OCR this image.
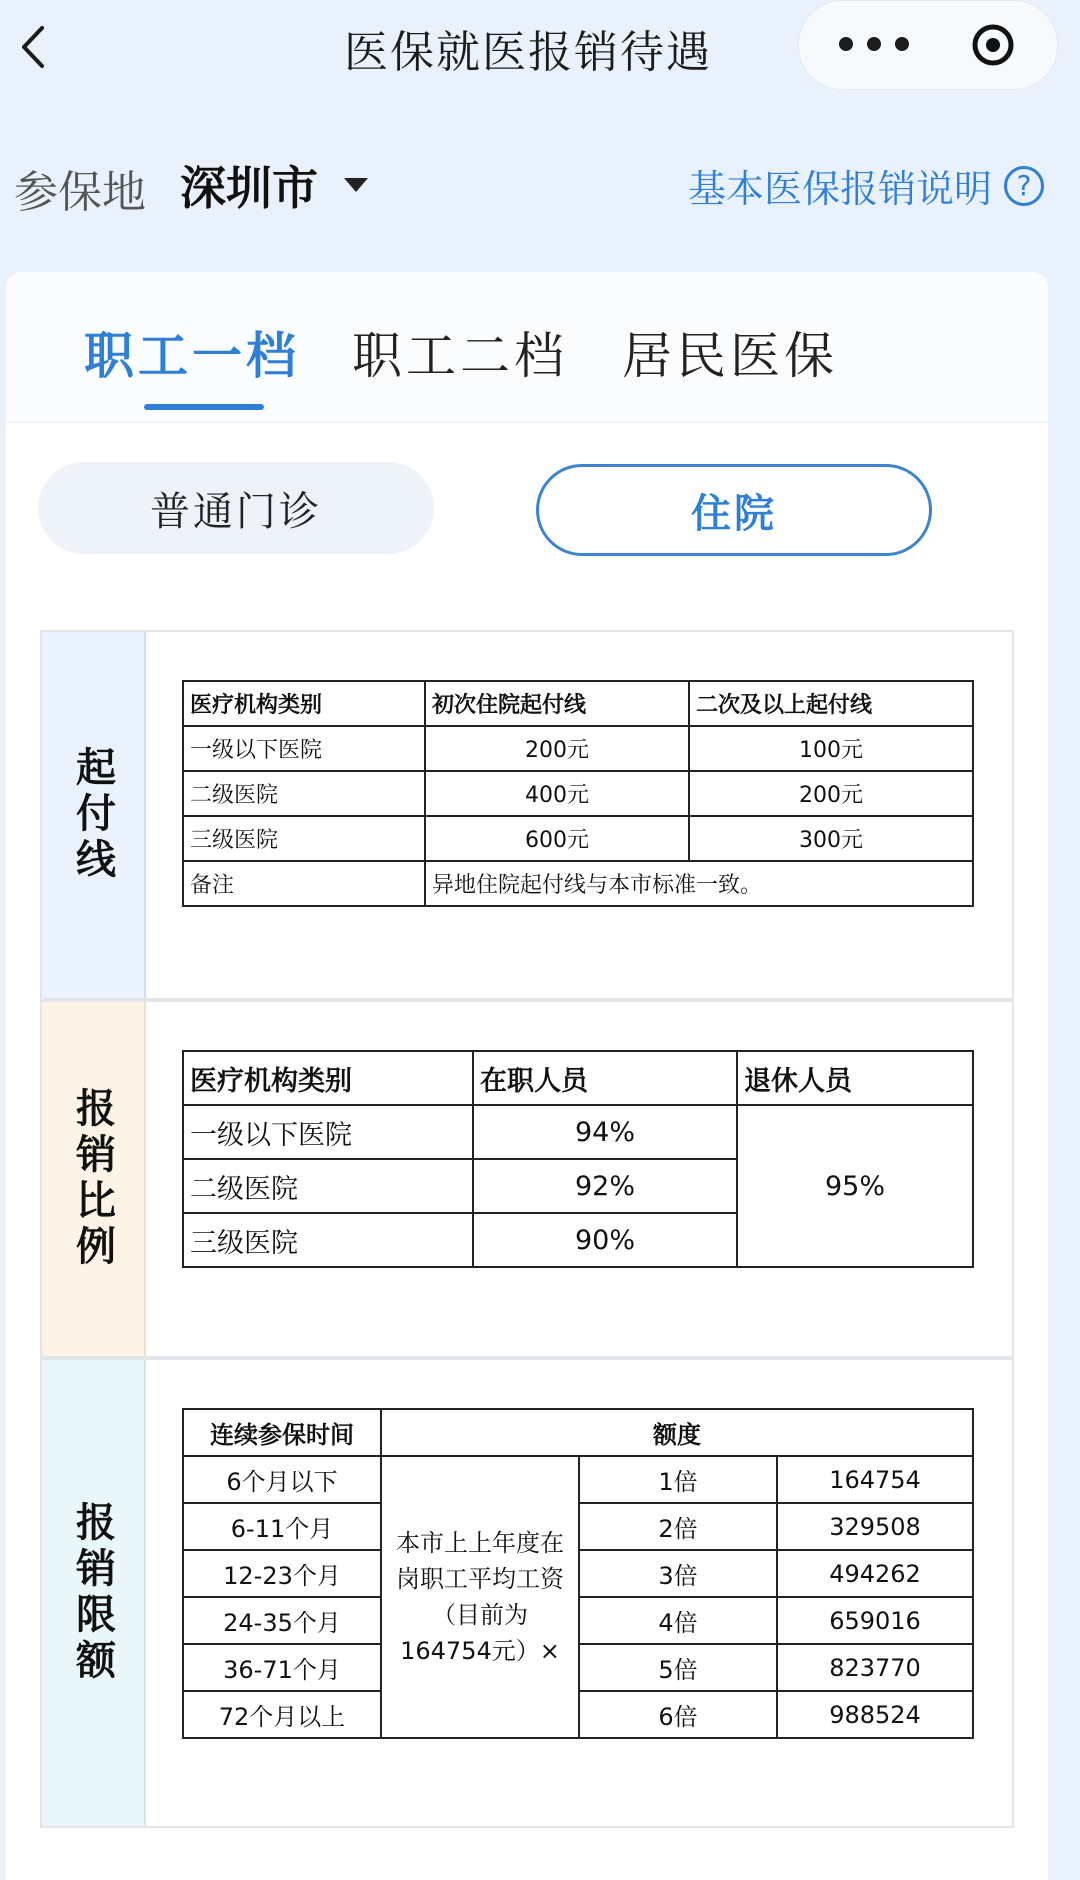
医保就医报销待遇
参保地 深圳市	基本医保报销说明 ?
职工一档 职工二档 居民医保
普通门诊	住院
起付线
医疗机构类别	初次住院起付线	二次及以上起付线
一级以下医院	200元	100元
二级医院	400元	200元
三级医院	600元	300元
备注	异地住院起付线与本市标准一致。	
报销比例
医疗机构类别	在职人员	退休人员
一级以下医院	94%	95%
二级医院	92%	
三级医院	90%	
报销限额
连续参保时间	额度		
6个月以下	本市上上年度在岗职工平均工资（目前为164754元）×	1倍	164754
6-11个月		2倍	329508
12-23个月		3倍	494262
24-35个月		4倍	659016
36-71个月		5倍	823770
72个月以上		6倍	988524
